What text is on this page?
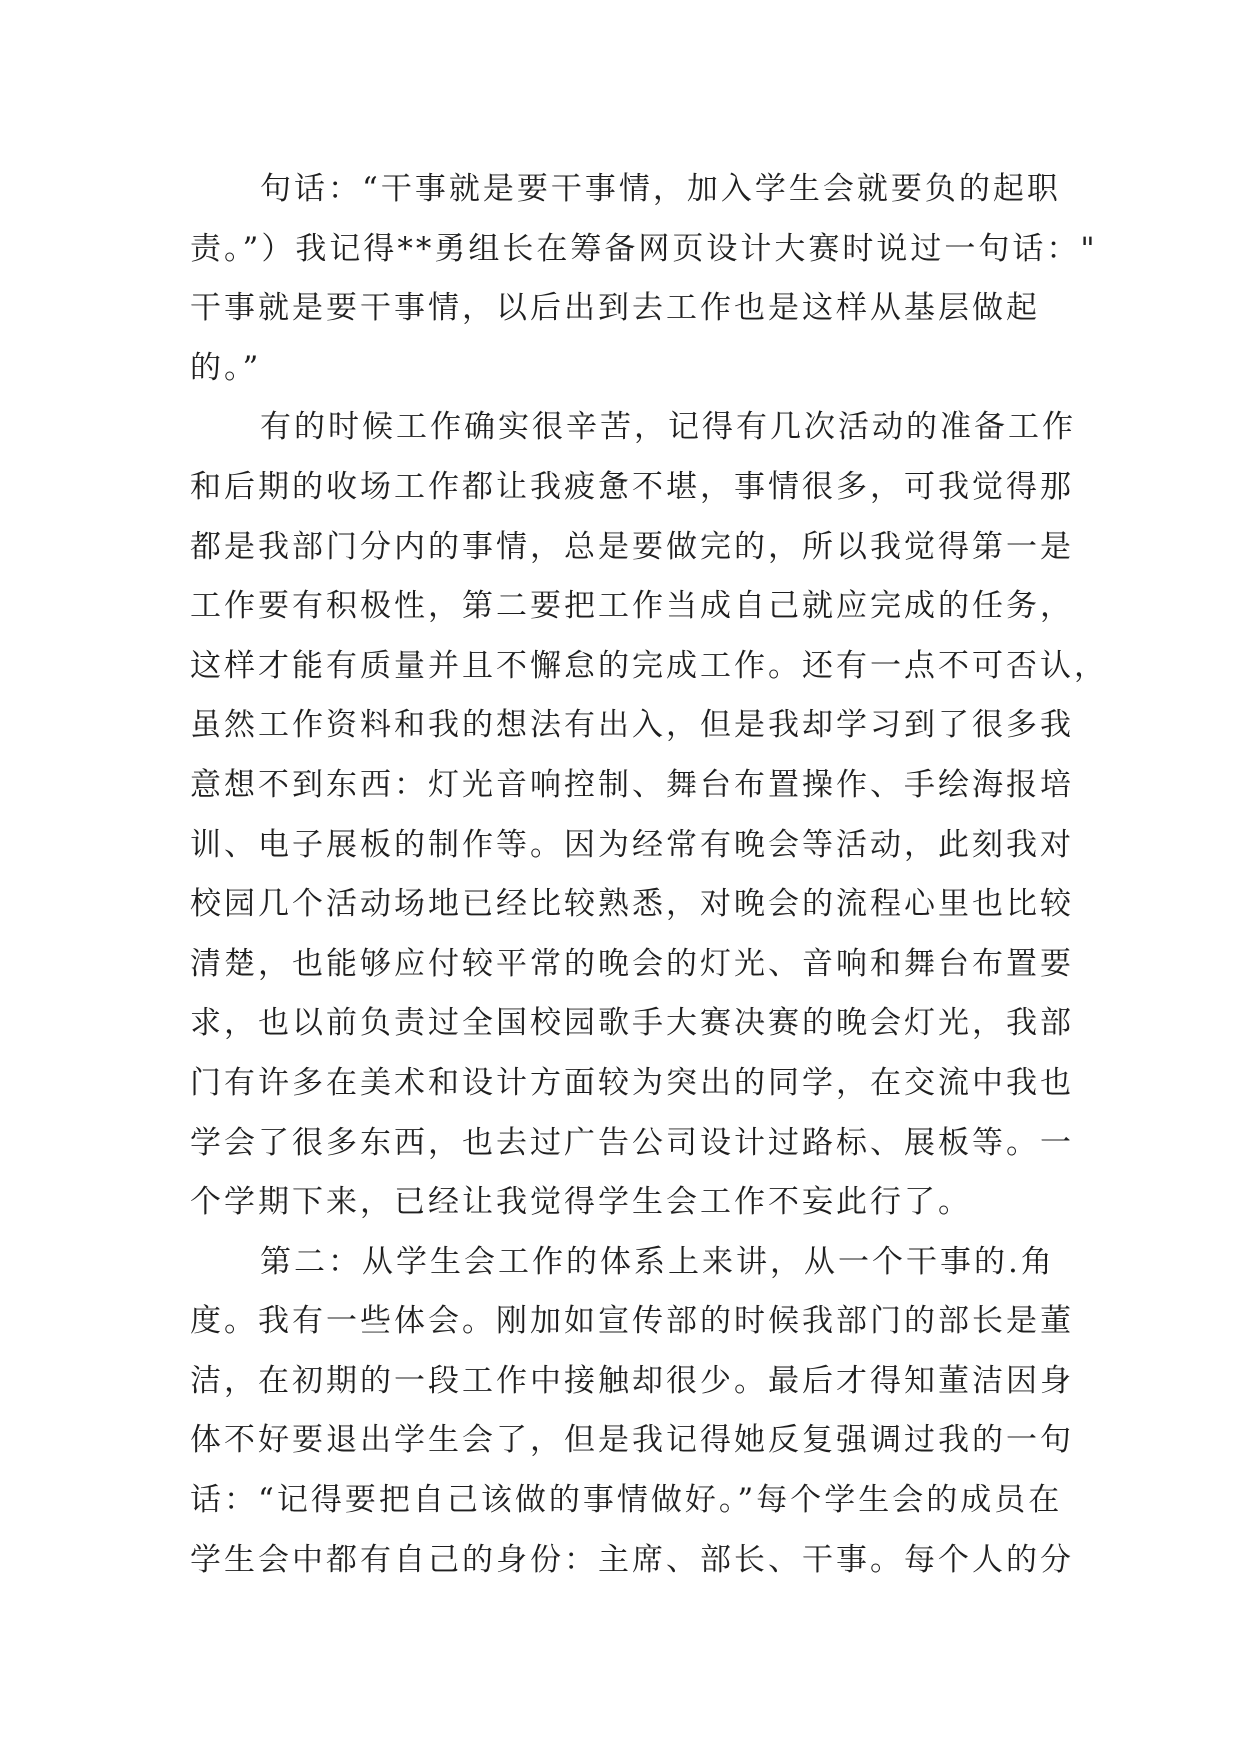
句话：“干事就是要干事情，加入学生会就要负的起职
责。”）我记得**勇组长在筹备网页设计大赛时说过一句话："
干事就是要干事情，以后出到去工作也是这样从基层做起
的。”
有的时候工作确实很辛苦，记得有几次活动的准备工作
和后期的收场工作都让我疲惫不堪，事情很多，可我觉得那
都是我部门分内的事情，总是要做完的，所以我觉得第一是
工作要有积极性，第二要把工作当成自己就应完成的任务，
这样才能有质量并且不懈怠的完成工作。还有一点不可否认，
虽然工作资料和我的想法有出入，但是我却学习到了很多我
意想不到东西：灯光音响控制、舞台布置操作、手绘海报培
训、电子展板的制作等。因为经常有晚会等活动，此刻我对
校园几个活动场地已经比较熟悉，对晚会的流程心里也比较
清楚，也能够应付较平常的晚会的灯光、音响和舞台布置要
求，也以前负责过全国校园歌手大赛决赛的晚会灯光，我部
门有许多在美术和设计方面较为突出的同学，在交流中我也
学会了很多东西，也去过广告公司设计过路标、展板等。一
个学期下来，已经让我觉得学生会工作不妄此行了。
第二：从学生会工作的体系上来讲，从一个干事的.角
度。我有一些体会。刚加如宣传部的时候我部门的部长是董
洁，在初期的一段工作中接触却很少。最后才得知董洁因身
体不好要退出学生会了，但是我记得她反复强调过我的一句
话：“记得要把自己该做的事情做好。”每个学生会的成员在
学生会中都有自己的身份：主席、部长、干事。每个人的分
